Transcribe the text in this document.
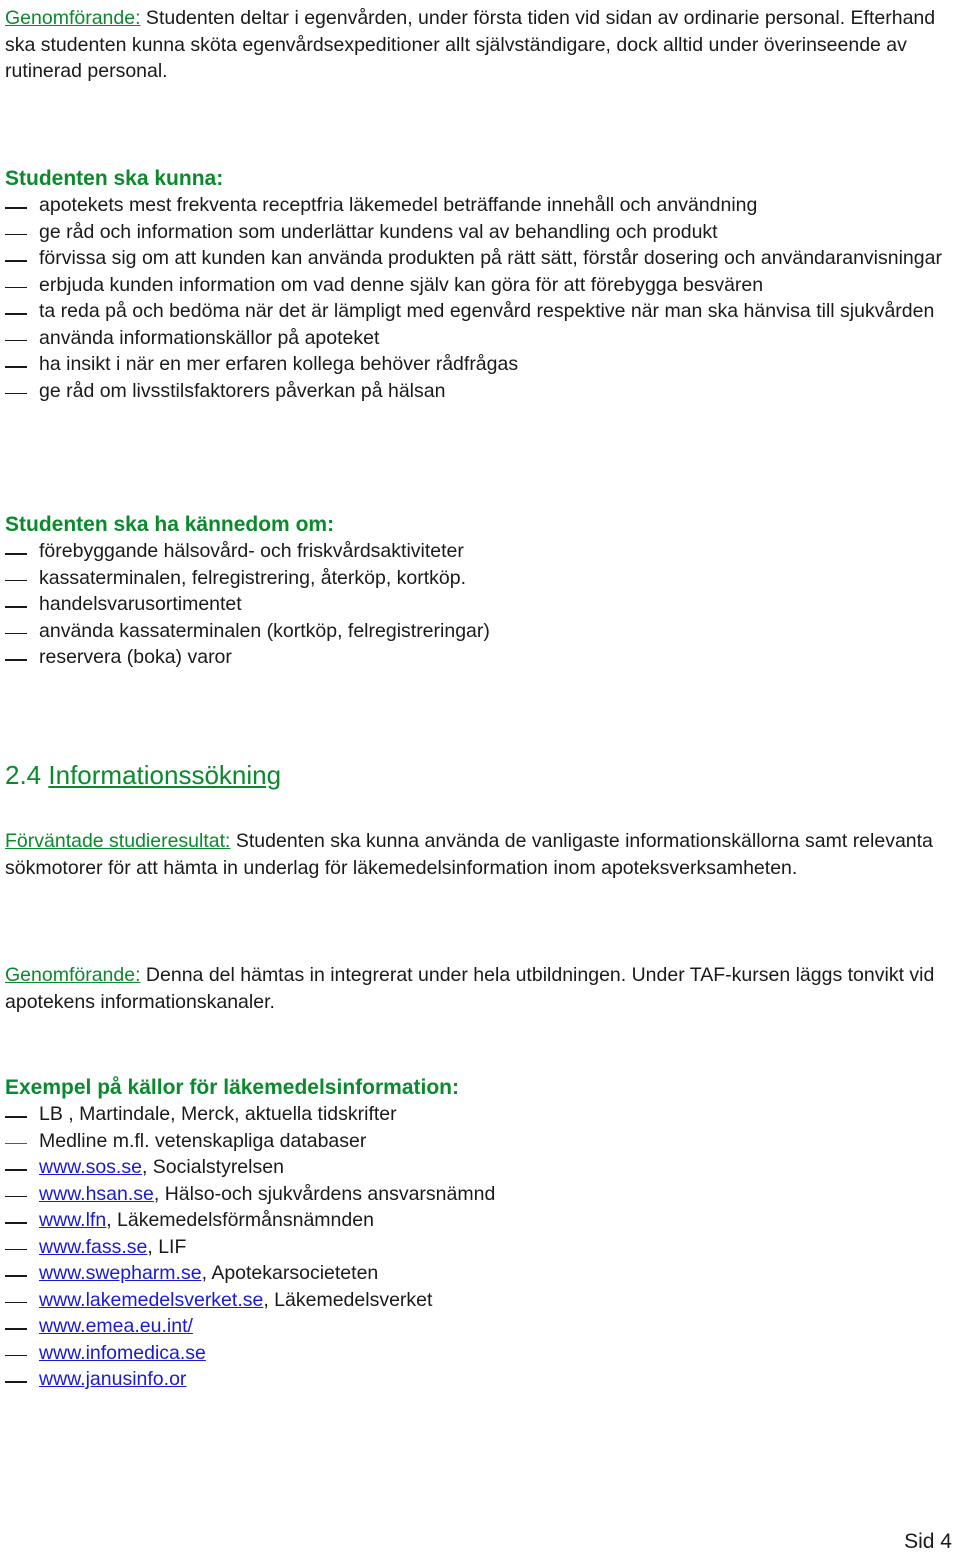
Genomförande: Studenten deltar i egenvården, under första tiden vid sidan av ordinarie personal. Efterhand ska studenten kunna sköta egenvårdsexpeditioner allt självständigare, dock alltid under överinseende av rutinerad personal.
Studenten ska kunna:
apotekets mest frekventa receptfria läkemedel beträffande innehåll och användning
ge råd och information som underlättar kundens val av behandling och produkt
förvissa sig om att kunden kan använda produkten på rätt sätt, förstår dosering och användaranvisningar
erbjuda kunden information om vad denne själv kan göra för att förebygga besvären
ta reda på och bedöma när det är lämpligt med egenvård respektive när man ska hänvisa till sjukvården
använda informationskällor på apoteket
ha insikt i när en mer erfaren kollega behöver rådfrågas
ge råd om livsstilsfaktorers påverkan på hälsan
Studenten ska ha kännedom om:
förebyggande hälsovård- och friskvårdsaktiviteter
kassaterminalen, felregistrering, återköp, kortköp.
handelsvarusortimentet
använda kassaterminalen (kortköp, felregistreringar)
reservera (boka) varor
2.4 Informationssökning
Förväntade studieresultat: Studenten ska kunna använda de vanligaste informationskällorna samt relevanta sökmotorer för att hämta in underlag för läkemedelsinformation inom apoteksverksamheten.
Genomförande: Denna del hämtas in integrerat under hela utbildningen. Under TAF-kursen läggs tonvikt vid apotekens informationskanaler.
Exempel på källor för läkemedelsinformation:
LB , Martindale, Merck, aktuella tidskrifter
Medline m.fl. vetenskapliga databaser
www.sos.se, Socialstyrelsen
www.hsan.se, Hälso-och sjukvårdens ansvarsnämnd
www.lfn, Läkemedelsförmånsnämnden
www.fass.se, LIF
www.swepharm.se, Apotekarsocieteten
www.lakemedelsverket.se, Läkemedelsverket
www.emea.eu.int/
www.infomedica.se
www.janusinfo.or
Sid 4
